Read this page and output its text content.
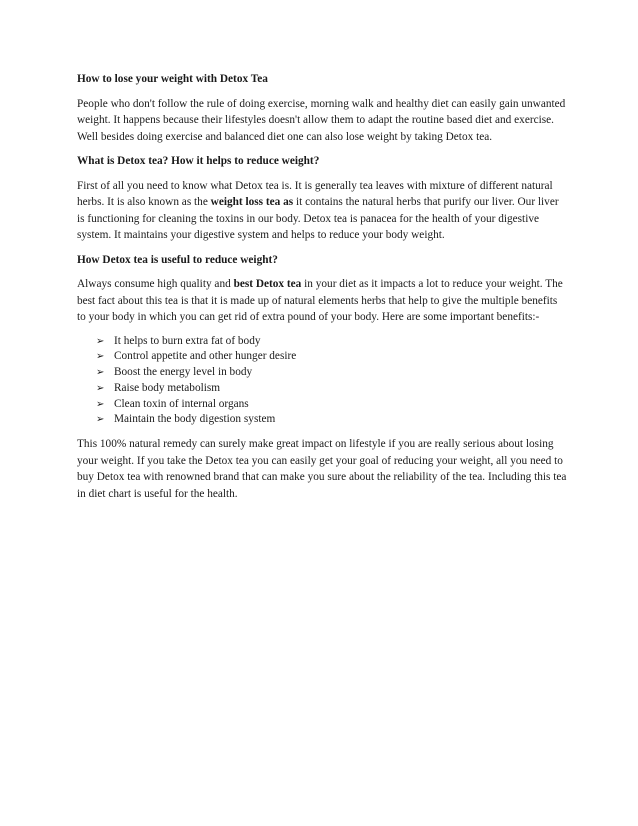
How to lose your weight with Detox Tea

People who don't follow the rule of doing exercise, morning walk and healthy diet can easily gain unwanted weight. It happens because their lifestyles doesn't allow them to adapt the routine based diet and exercise. Well besides doing exercise and balanced diet one can also lose weight by taking Detox tea.

What is Detox tea? How it helps to reduce weight?

First of all you need to know what Detox tea is. It is generally tea leaves with mixture of different natural herbs. It is also known as the weight loss tea as it contains the natural herbs that purify our liver. Our liver is functioning for cleaning the toxins in our body. Detox tea is panacea for the health of your digestive system. It maintains your digestive system and helps to reduce your body weight.

How Detox tea is useful to reduce weight?

Always consume high quality and best Detox tea in your diet as it impacts a lot to reduce your weight. The best fact about this tea is that it is made up of natural elements herbs that help to give the multiple benefits to your body in which you can get rid of extra pound of your body. Here are some important benefits:-

➢ It helps to burn extra fat of body
➢ Control appetite and other hunger desire
➢ Boost the energy level in body
➢ Raise body metabolism
➢ Clean toxin of internal organs
➢ Maintain the body digestion system

This 100% natural remedy can surely make great impact on lifestyle if you are really serious about losing your weight. If you take the Detox tea you can easily get your goal of reducing your weight, all you need to buy Detox tea with renowned brand that can make you sure about the reliability of the tea. Including this tea in diet chart is useful for the health.
